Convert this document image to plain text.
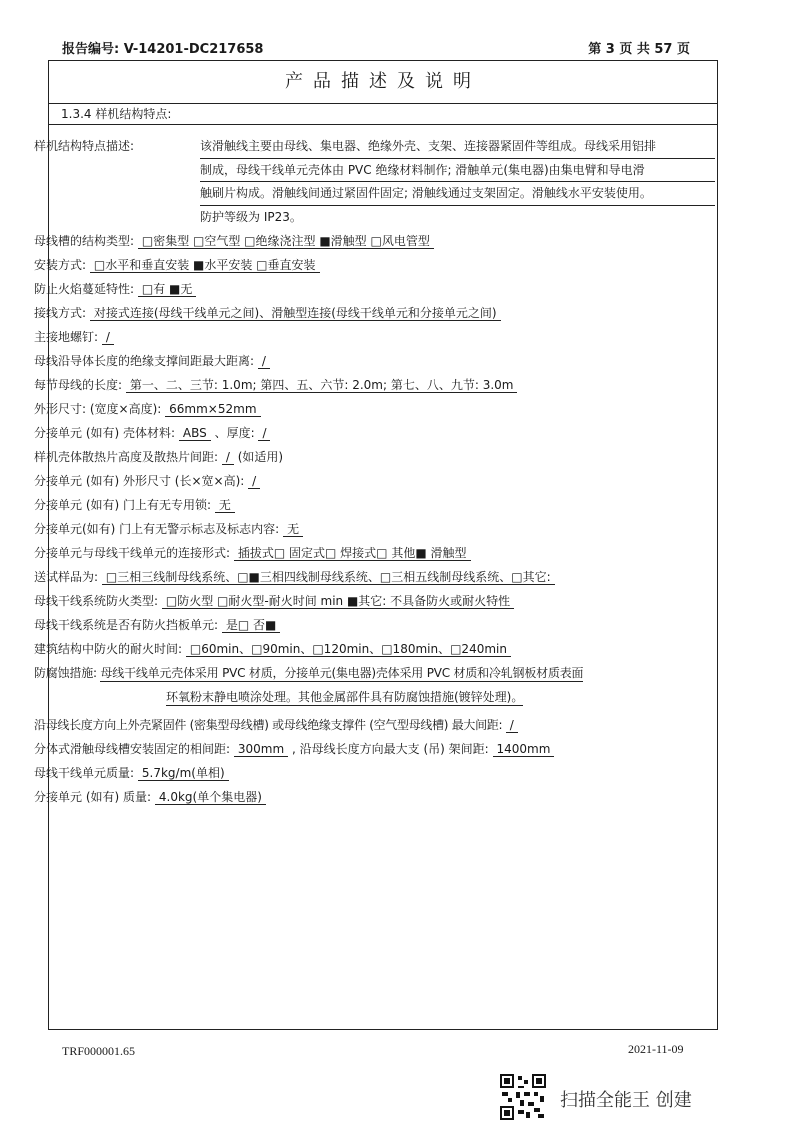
报告编号: V-14201-DC217658	第 3 页 共 57 页
产品描述及说明
1.3.4 样机结构特点:
样机结构特点描述:	该滑触线主要由母线、集电器、绝缘外壳、支架、连接器紧固件等组成。母线采用铝排
制成，母线干线单元壳体由 PVC 绝缘材料制作; 滑触单元(集电器)由集电臂和导电滑
触刷片构成。滑触线间通过紧固件固定; 滑触线通过支架固定。滑触线水平安装使用。
防护等级为 IP23。
母线槽的结构类型: □密集型 □空气型 □绝缘浇注型 ■滑触型 □风电管型
安装方式: □水平和垂直安装 ■水平安装 □垂直安装
防止火焰蔓延特性: □有 ■无
接线方式: 对接式连接(母线干线单元之间)、滑触型连接(母线干线单元和分接单元之间)
主接地螺钉: /
母线沿导体长度的绝缘支撑间距最大距离: /
每节母线的长度: 第一、二、三节: 1.0m; 第四、五、六节: 2.0m; 第七、八、九节: 3.0m
外形尺寸: (宽度×高度): 66mm×52mm
分接单元 (如有) 壳体材料: ABS 、厚度: /
样机壳体散热片高度及散热片间距: / (如适用)
分接单元 (如有) 外形尺寸 (长×宽×高): /
分接单元 (如有) 门上有无专用锁: 无
分接单元(如有) 门上有无警示标志及标志内容: 无
分接单元与母线干线单元的连接形式: 插拔式□ 固定式□ 焊接式□ 其他■ 滑触型
送试样品为: □三相三线制母线系统、□■三相四线制母线系统、□三相五线制母线系统、□其它:
母线干线系统防火类型: □防火型 □耐火型-耐火时间 min ■其它: 不具备防火或耐火特性
母线干线系统是否有防火挡板单元: 是□ 否■
建筑结构中防火的耐火时间: □60min、□90min、□120min、□180min、□240min
防腐蚀措施: 母线干线单元壳体采用 PVC 材质，分接单元(集电器)壳体采用 PVC 材质和冷轧钢板材质表面
环氧粉末静电喷涂处理。其他金属部件具有防腐蚀措施(镀锌处理)。
沿母线长度方向上外壳紧固件 (密集型母线槽) 或母线绝缘支撑件 (空气型母线槽) 最大间距: /
分体式滑触母线槽安装固定的相间距: 300mm , 沿母线长度方向最大支 (吊) 架间距: 1400mm
母线干线单元质量: 5.7kg/m(单相)
分接单元 (如有) 质量: 4.0kg(单个集电器)
TRF000001.65	2021-11-09
扫描全能王 创建
